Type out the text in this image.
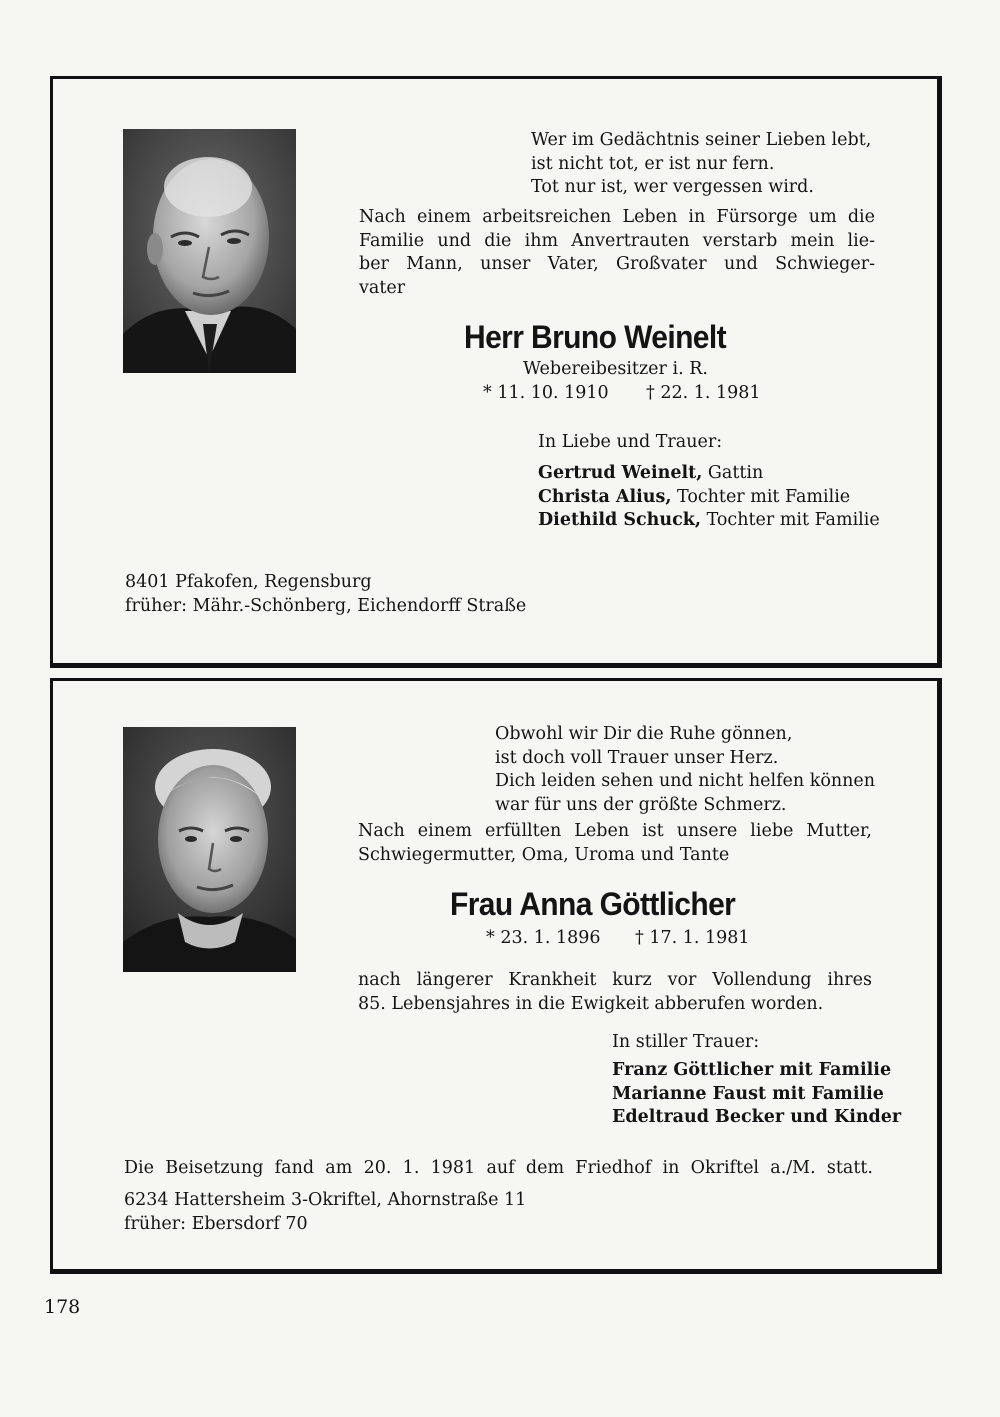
Wer im Gedächtnis seiner Lieben lebt,
ist nicht tot, er ist nur fern.
Tot nur ist, wer vergessen wird.
Nach einem arbeitsreichen Leben in Fürsorge um die
Familie und die ihm Anvertrauten verstarb mein lie-
ber Mann, unser Vater, Großvater und Schwieger-
vater
Herr Bruno Weinelt
Webereibesitzer i. R.
* 11. 10. 1910 † 22. 1. 1981
In Liebe und Trauer:
Gertrud Weinelt, Gattin
Christa Alius, Tochter mit Familie
Diethild Schuck, Tochter mit Familie
8401 Pfakofen, Regensburg
früher: Mähr.-Schönberg, Eichendorff Straße
Obwohl wir Dir die Ruhe gönnen,
ist doch voll Trauer unser Herz.
Dich leiden sehen und nicht helfen können
war für uns der größte Schmerz.
Nach einem erfüllten Leben ist unsere liebe Mutter,
Schwiegermutter, Oma, Uroma und Tante
Frau Anna Göttlicher
* 23. 1. 1896 † 17. 1. 1981
nach längerer Krankheit kurz vor Vollendung ihres
85. Lebensjahres in die Ewigkeit abberufen worden.
In stiller Trauer:
Franz Göttlicher mit Familie
Marianne Faust mit Familie
Edeltraud Becker und Kinder
Die Beisetzung fand am 20. 1. 1981 auf dem Friedhof in Okriftel a./M. statt.
6234 Hattersheim 3-Okriftel, Ahornstraße 11
früher: Ebersdorf 70
178
